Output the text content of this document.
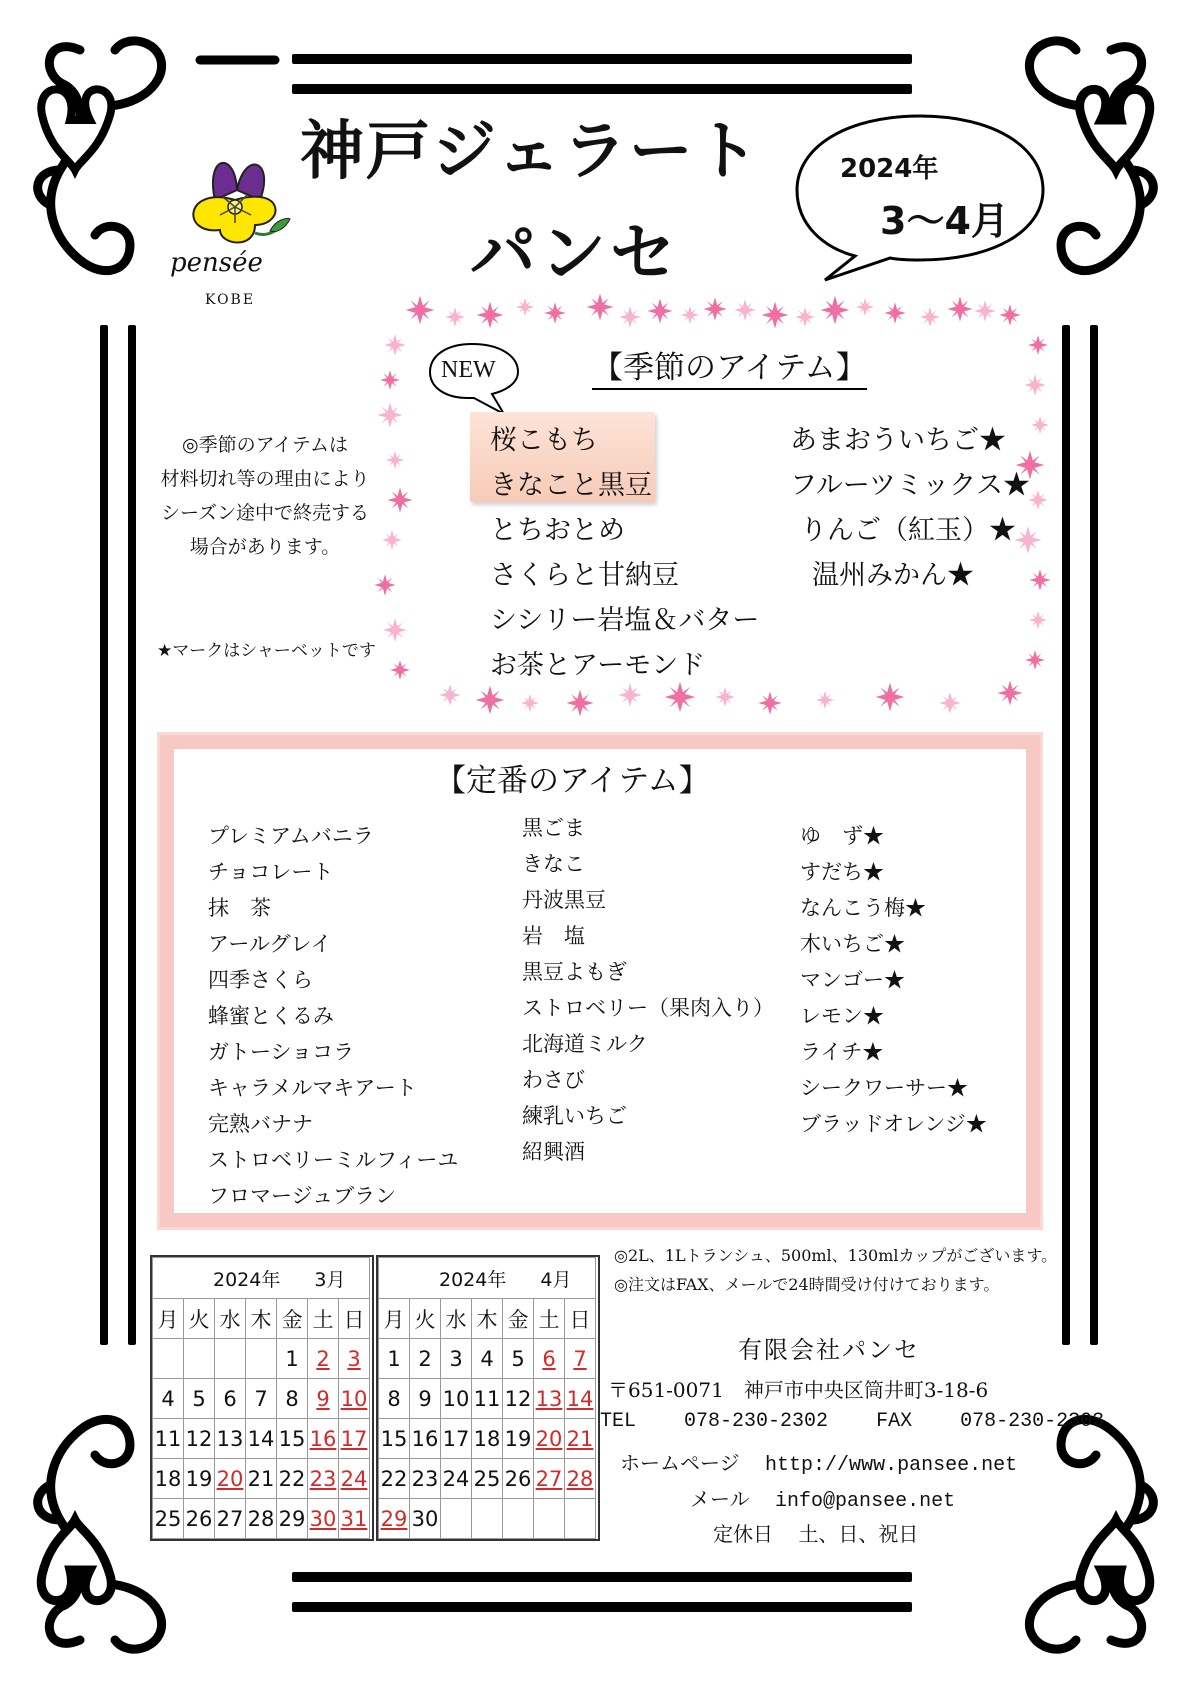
pensée
KOBE
神戸ジェラート
パンセ
2024年
3～4月
【季節のアイテム】
NEW
桜こもち
きなこと黒豆
とちおとめ
さくらと甘納豆
シシリー岩塩＆バター
お茶とアーモンド
あまおういちご★
フルーツミックス★
りんご（紅玉）★
温州みかん★
◎季節のアイテムは
材料切れ等の理由により
シーズン途中で終売する
場合があります。
★マークはシャーベットです
【定番のアイテム】
プレミアムバニラ
チョコレート
抹　茶
アールグレイ
四季さくら
蜂蜜とくるみ
ガトーショコラ
キャラメルマキアート
完熟バナナ
ストロベリーミルフィーユ
フロマージュブラン
黒ごま
きなこ
丹波黒豆
岩　塩
黒豆よもぎ
ストロベリー（果肉入り）
北海道ミルク
わさび
練乳いちご
紹興酒
ゆ　ず★
すだち★
なんこう梅★
木いちご★
マンゴー★
レモン★
ライチ★
シークワーサー★
ブラッドオレンジ★
◎2L、1Lトランシュ、500ml、130mlカップがございます。
◎注文はFAX、メールで24時間受け付けております。
有限会社パンセ
〒651-0071　神戸市中央区筒井町3-18-6
TEL 078-230-2302 FAX 078-230-2303
ホームページ http://www.pansee.net
メール info@pansee.net
定休日 土、日、祝日
2024年 3月						
月	火	水	木	金	土	日
				1	2	3
4	5	6	7	8	9	10
11	12	13	14	15	16	17
18	19	20	21	22	23	24
25	26	27	28	29	30	31
2024年 4月						
月	火	水	木	金	土	日
1	2	3	4	5	6	7
8	9	10	11	12	13	14
15	16	17	18	19	20	21
22	23	24	25	26	27	28
29	30					
